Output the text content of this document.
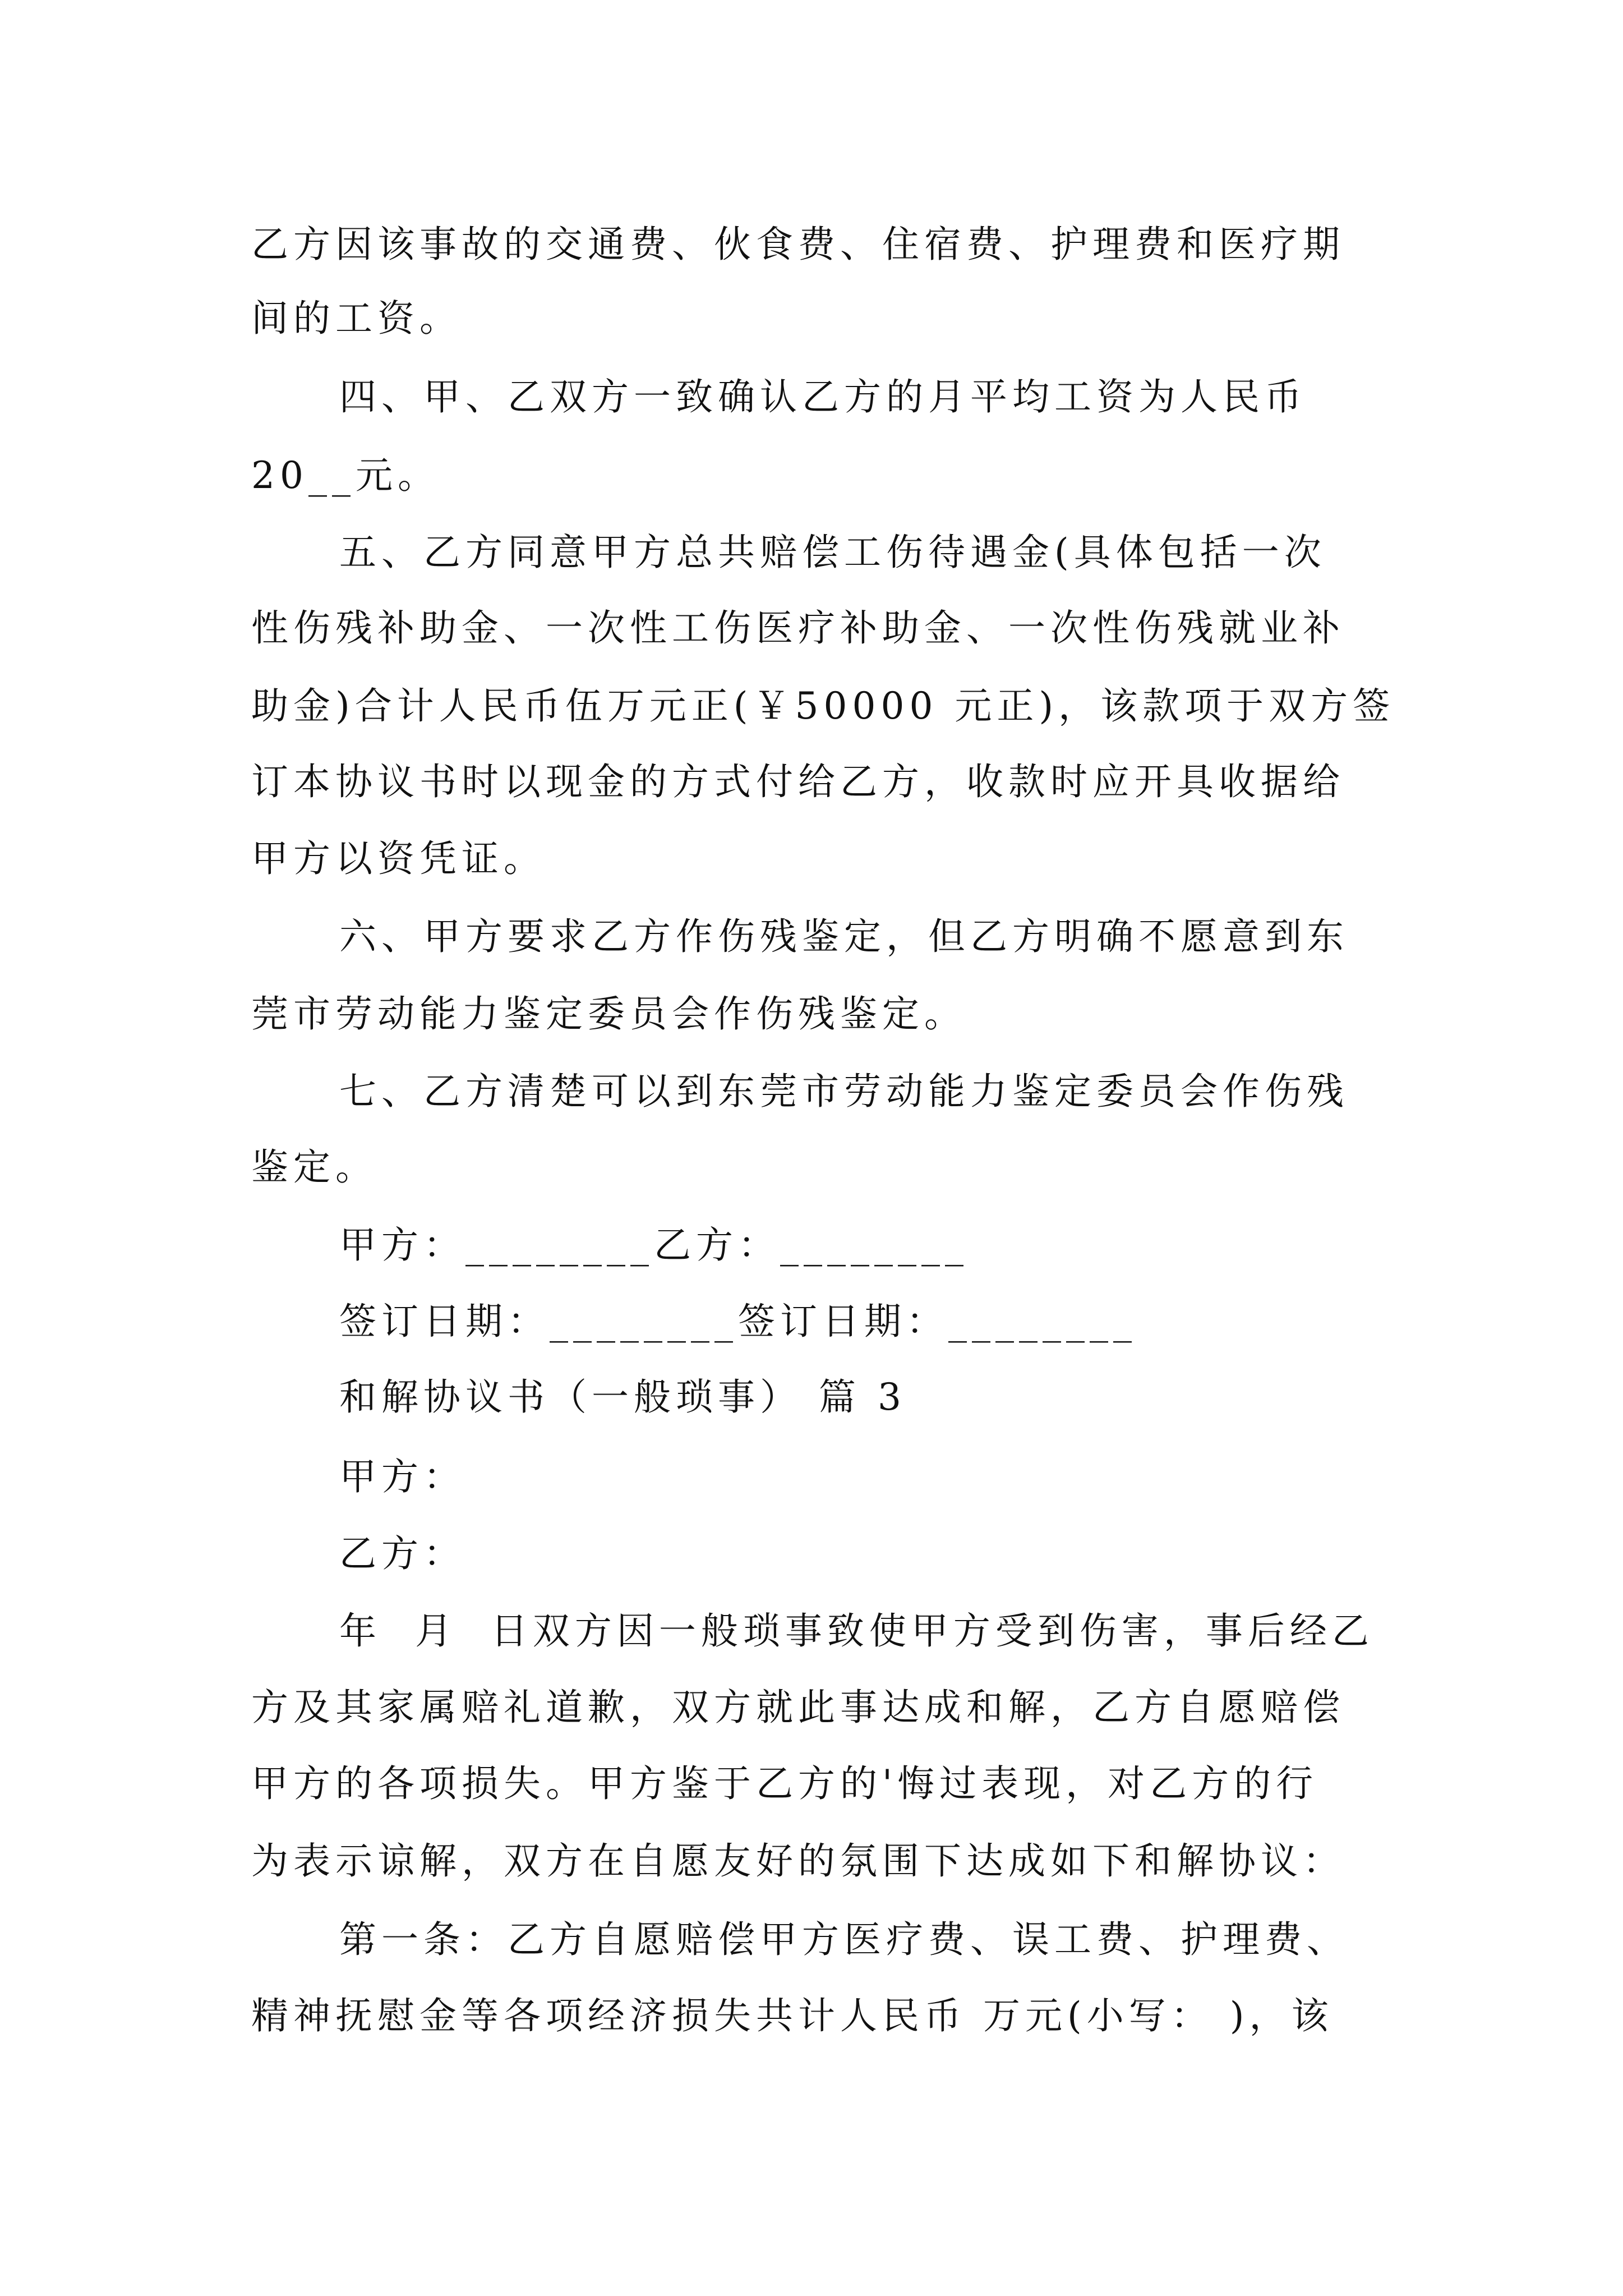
乙方因该事故的交通费、伙食费、住宿费、护理费和医疗期
间的工资。
四、甲、乙双方一致确认乙方的月平均工资为人民币
20__元。
五、乙方同意甲方总共赔偿工伤待遇金(具体包括一次
性伤残补助金、一次性工伤医疗补助金、一次性伤残就业补
助金)合计人民币伍万元正(￥50000 元正)，该款项于双方签
订本协议书时以现金的方式付给乙方，收款时应开具收据给
甲方以资凭证。
六、甲方要求乙方作伤残鉴定，但乙方明确不愿意到东
莞市劳动能力鉴定委员会作伤残鉴定。
七、乙方清楚可以到东莞市劳动能力鉴定委员会作伤残
鉴定。
甲方：________乙方：________
签订日期：________签订日期：________
和解协议书（一般琐事） 篇 3
甲方：
乙方：
年  月  日双方因一般琐事致使甲方受到伤害，事后经乙
方及其家属赔礼道歉，双方就此事达成和解，乙方自愿赔偿
甲方的各项损失。甲方鉴于乙方的'悔过表现，对乙方的行
为表示谅解，双方在自愿友好的氛围下达成如下和解协议：
第一条：乙方自愿赔偿甲方医疗费、误工费、护理费、
精神抚慰金等各项经济损失共计人民币 万元(小写： )，该
